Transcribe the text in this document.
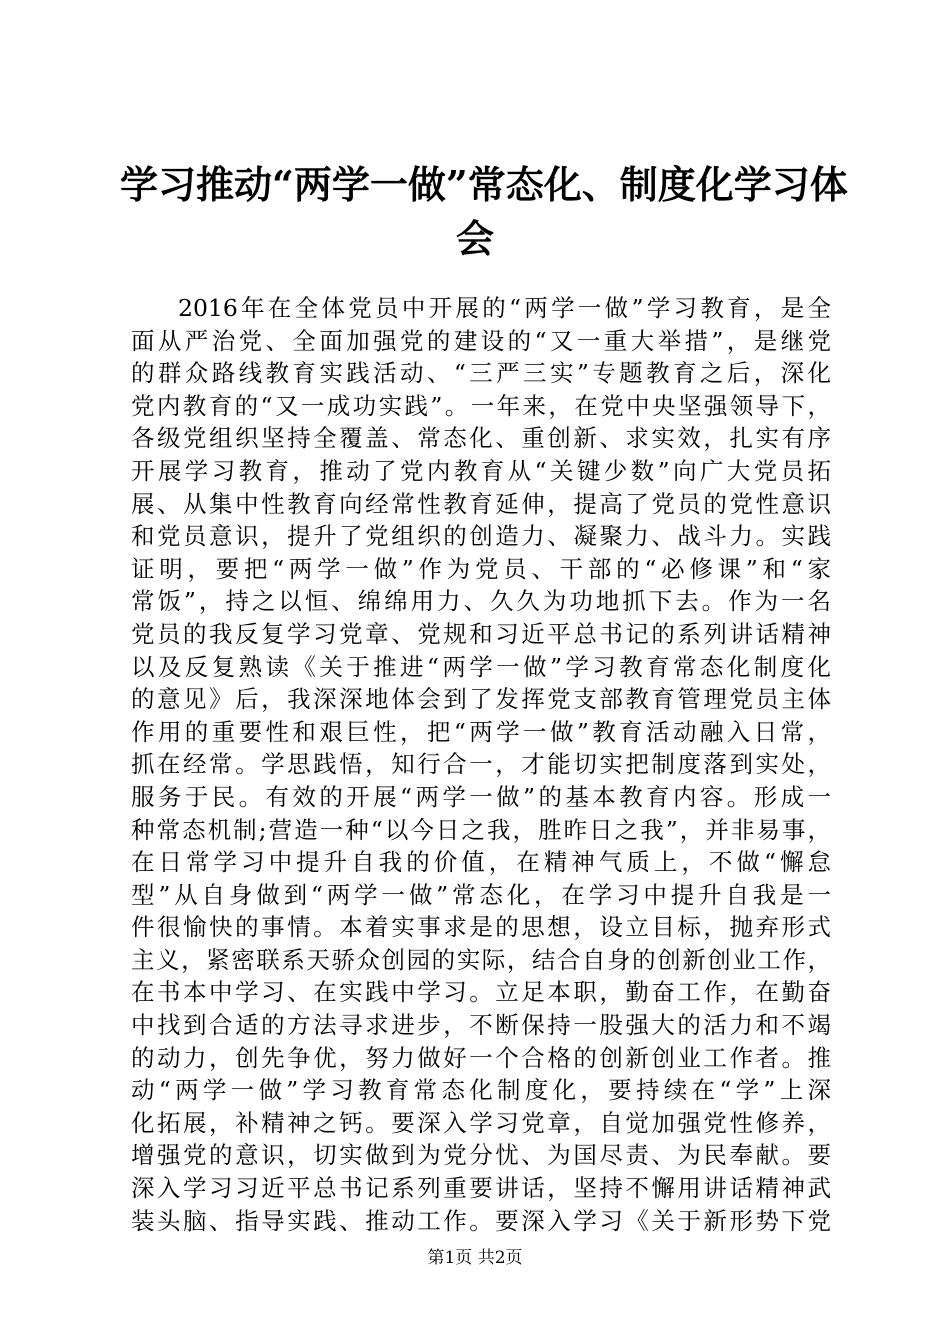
学习推动“两学一做”常态化、制度化学习体
会
2016年在全体党员中开展的“两学一做”学习教育，是全
面从严治党、全面加强党的建设的“又一重大举措”，是继党
的群众路线教育实践活动、“三严三实”专题教育之后，深化
党内教育的“又一成功实践”。一年来，在党中央坚强领导下，
各级党组织坚持全覆盖、常态化、重创新、求实效，扎实有序
开展学习教育，推动了党内教育从“关键少数”向广大党员拓
展、从集中性教育向经常性教育延伸，提高了党员的党性意识
和党员意识，提升了党组织的创造力、凝聚力、战斗力。实践
证明，要把“两学一做”作为党员、干部的“必修课”和“家
常饭”，持之以恒、绵绵用力、久久为功地抓下去。作为一名
党员的我反复学习党章、党规和习近平总书记的系列讲话精神
以及反复熟读《关于推进“两学一做”学习教育常态化制度化
的意见》后，我深深地体会到了发挥党支部教育管理党员主体
作用的重要性和艰巨性，把“两学一做”教育活动融入日常，
抓在经常。学思践悟，知行合一，才能切实把制度落到实处，
服务于民。有效的开展“两学一做”的基本教育内容。形成一
种常态机制;营造一种“以今日之我，胜昨日之我”，并非易事，
在日常学习中提升自我的价值，在精神气质上，不做“懈怠
型”从自身做到“两学一做”常态化，在学习中提升自我是一
件很愉快的事情。本着实事求是的思想，设立目标，抛弃形式
主义，紧密联系天骄众创园的实际，结合自身的创新创业工作，
在书本中学习、在实践中学习。立足本职，勤奋工作，在勤奋
中找到合适的方法寻求进步，不断保持一股强大的活力和不竭
的动力，创先争优，努力做好一个合格的创新创业工作者。推
动“两学一做”学习教育常态化制度化，要持续在“学”上深
化拓展，补精神之钙。要深入学习党章，自觉加强党性修养，
增强党的意识，切实做到为党分忧、为国尽责、为民奉献。要
深入学习习近平总书记系列重要讲话，坚持不懈用讲话精神武
装头脑、指导实践、推动工作。要深入学习《关于新形势下党
第1页 共2页
